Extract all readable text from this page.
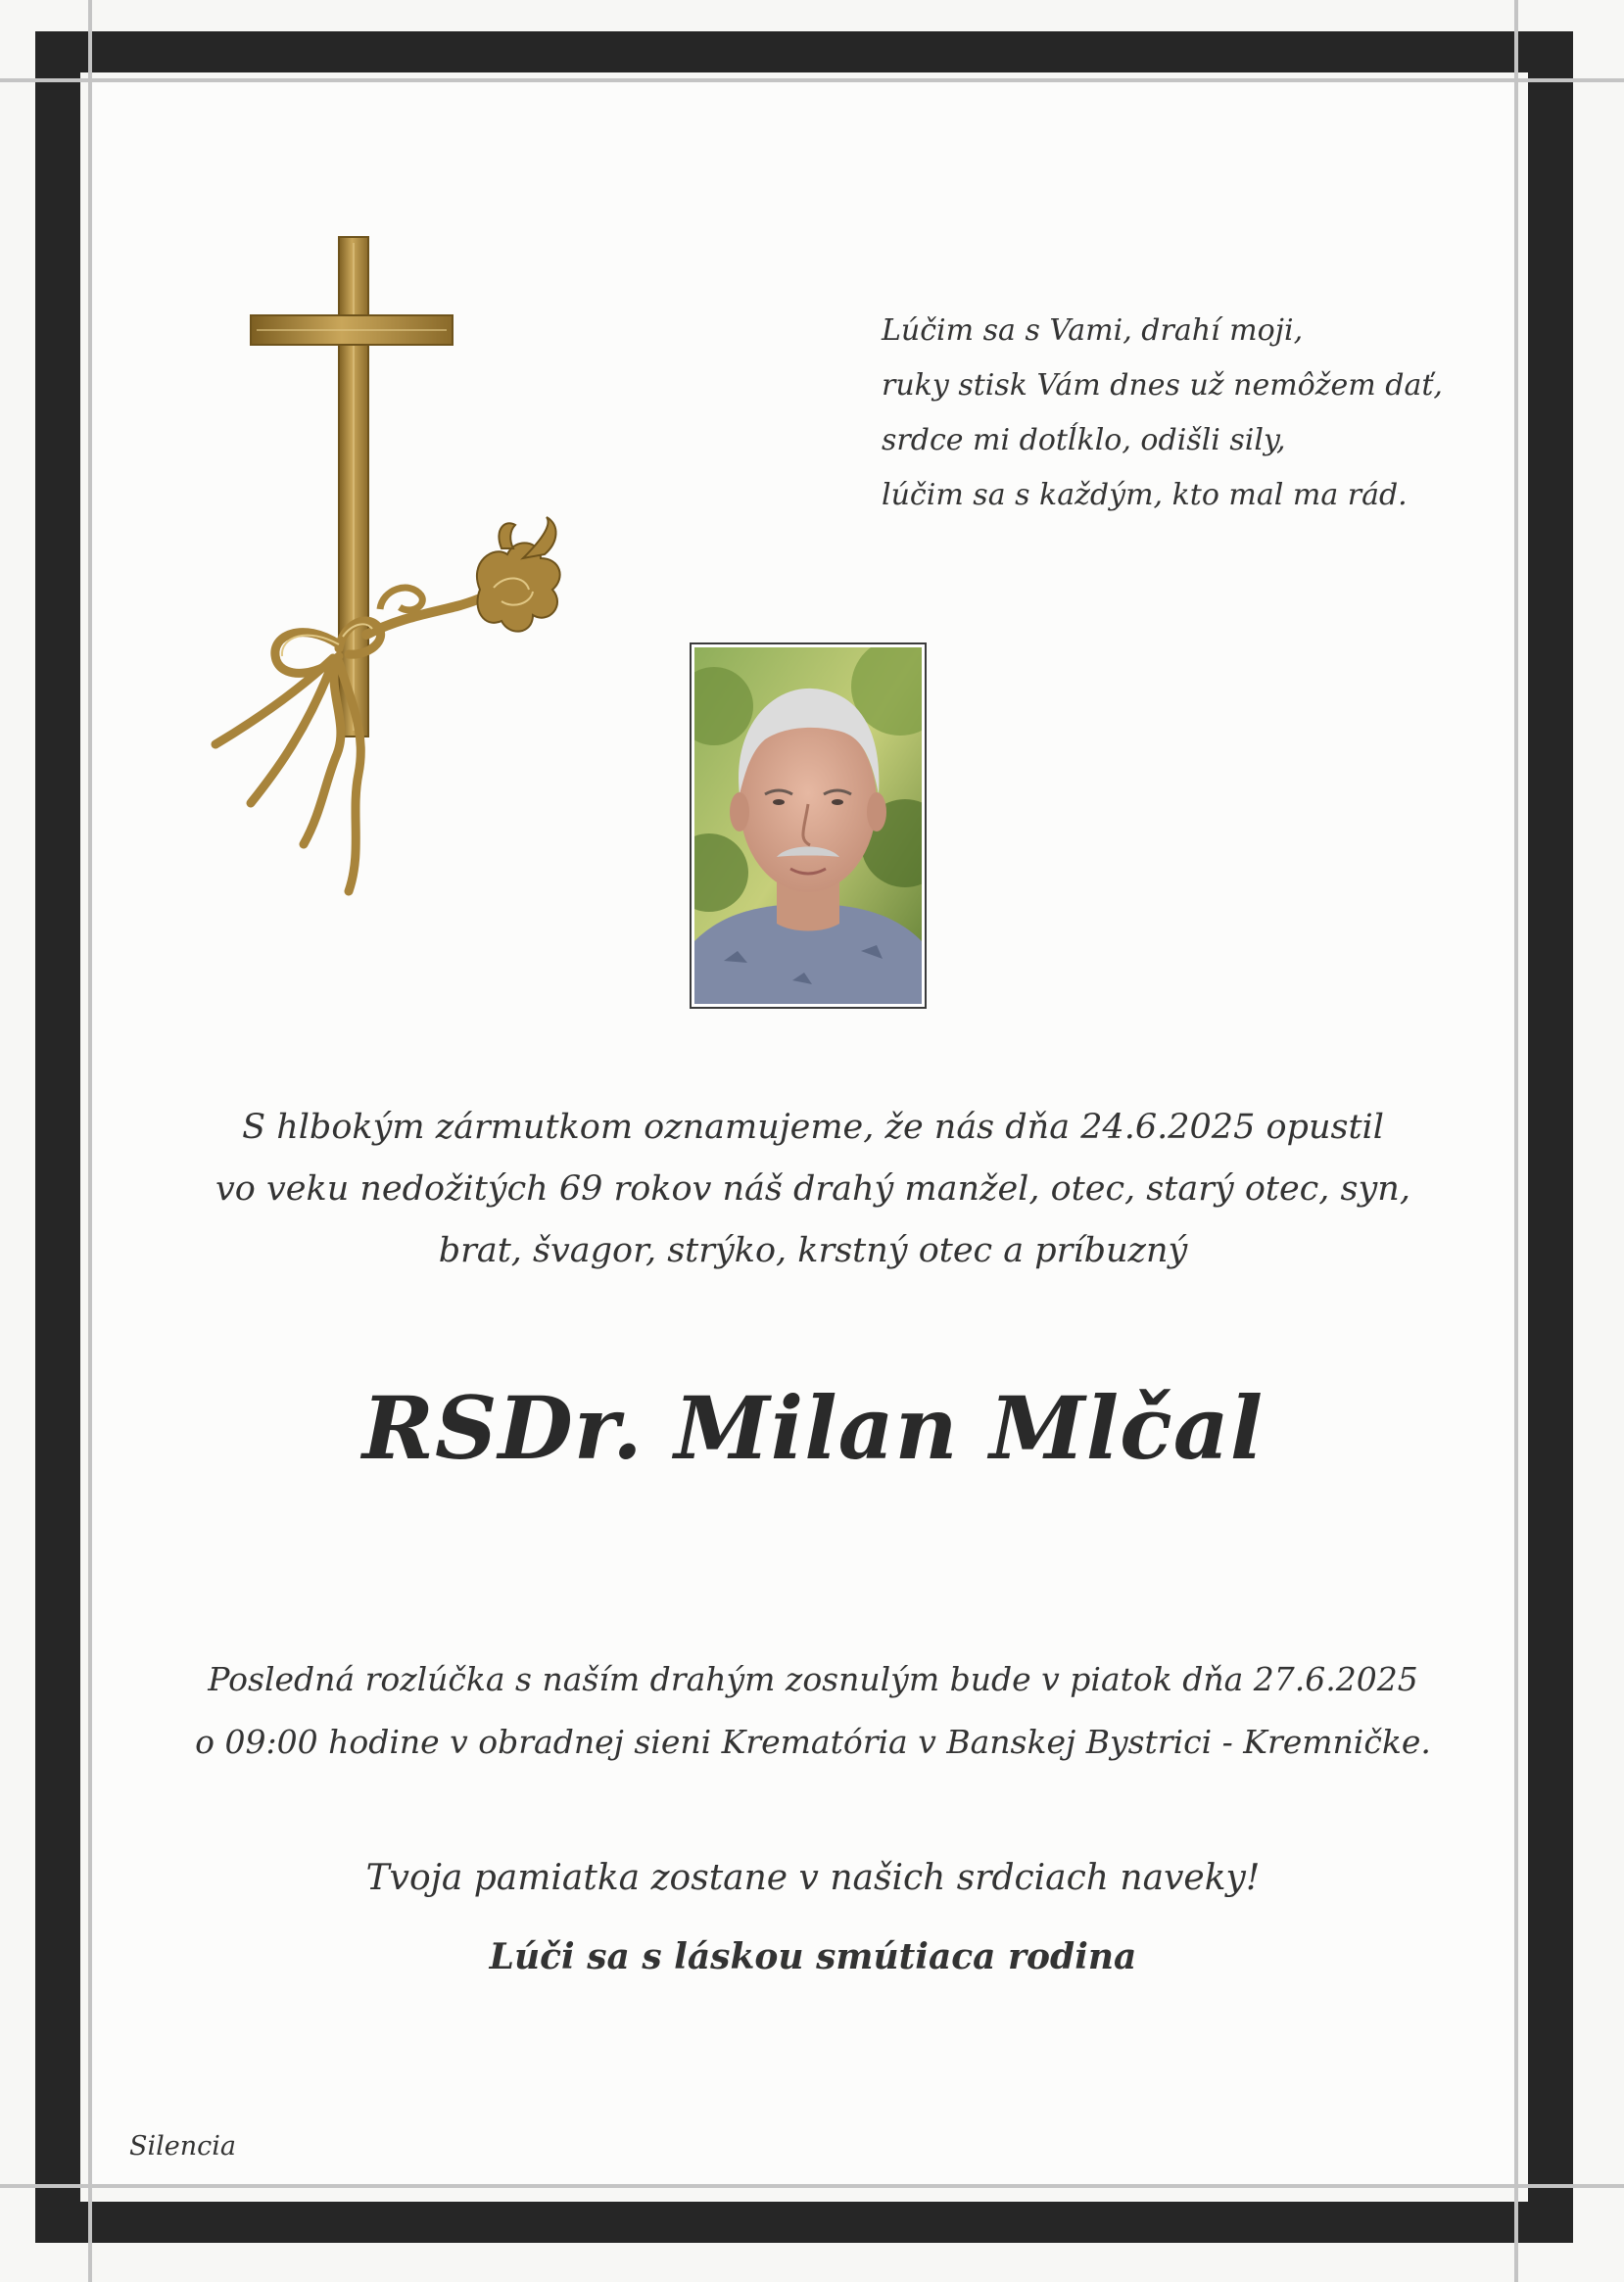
Lúčim sa s Vami, drahí moji,
ruky stisk Vám dnes už nemôžem dať,
srdce mi dotĺklo, odišli sily,
lúčim sa s každým, kto mal ma rád.
S hlbokým zármutkom oznamujeme, že nás dňa 24.6.2025 opustil
vo veku nedožitých 69 rokov náš drahý manžel, otec, starý otec, syn,
brat, švagor, strýko, krstný otec a príbuzný
RSDr. Milan Mlčal
Posledná rozlúčka s naším drahým zosnulým bude v piatok dňa 27.6.2025
o 09:00 hodine v obradnej sieni Krematória v Banskej Bystrici - Kremničke.
Tvoja pamiatka zostane v našich srdciach naveky!
Lúči sa s láskou smútiaca rodina
Silencia
